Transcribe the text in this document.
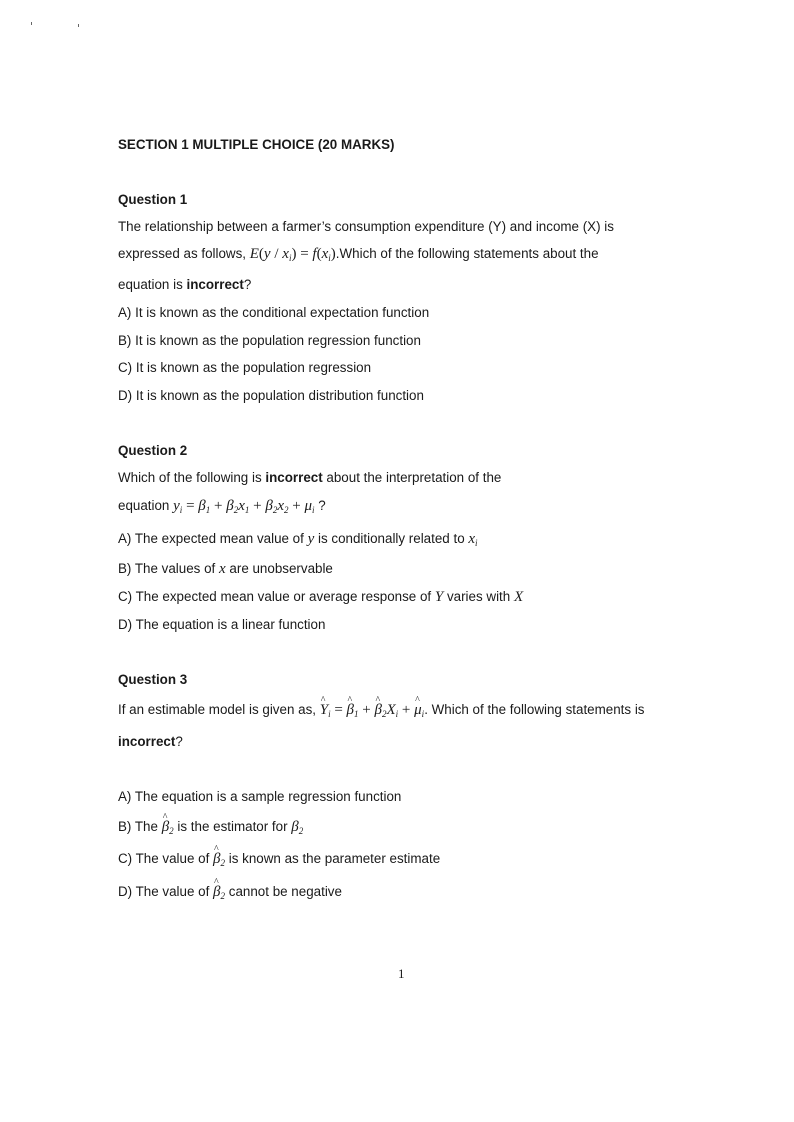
SECTION 1 MULTIPLE CHOICE (20 MARKS)
Question 1
The relationship between a farmer’s consumption expenditure (Y) and income (X) is
expressed as follows, $E(y / x_i)$ = $f(x_i).Which$ of the following statements about the
equation is incorrect?
A) It is known as the conditional expectation function
B) It is known as the population regression function
C) It is known as the population regression
D) It is known as the population distribution function
Question 2
Which of the following is incorrect about the interpretation of the
equation $y_i = \beta_1 + \beta_2x_1 + \beta_2x_2 + \mu_i$ ?
A) The expected mean value of y is conditionally related to $x_i$
B) The values of x are unobservable
C) The expected mean value or average response of Y varies with X
D) The equation is a linear function
Question 3
If an estimable model is given as, ^ $Y_i$ = ^ $\beta_1$ + ^ $\beta_2X_i$ + ^ $\mu_i$. Which of the following statements is
incorrect?
A) The equation is a sample regression function
B) The ^ $\beta_2$ is the estimator for $\beta_2$
C) The value of ^ $\beta_2$ is known as the parameter estimate
D) The value of ^ $\beta_2$ cannot be negative
1
